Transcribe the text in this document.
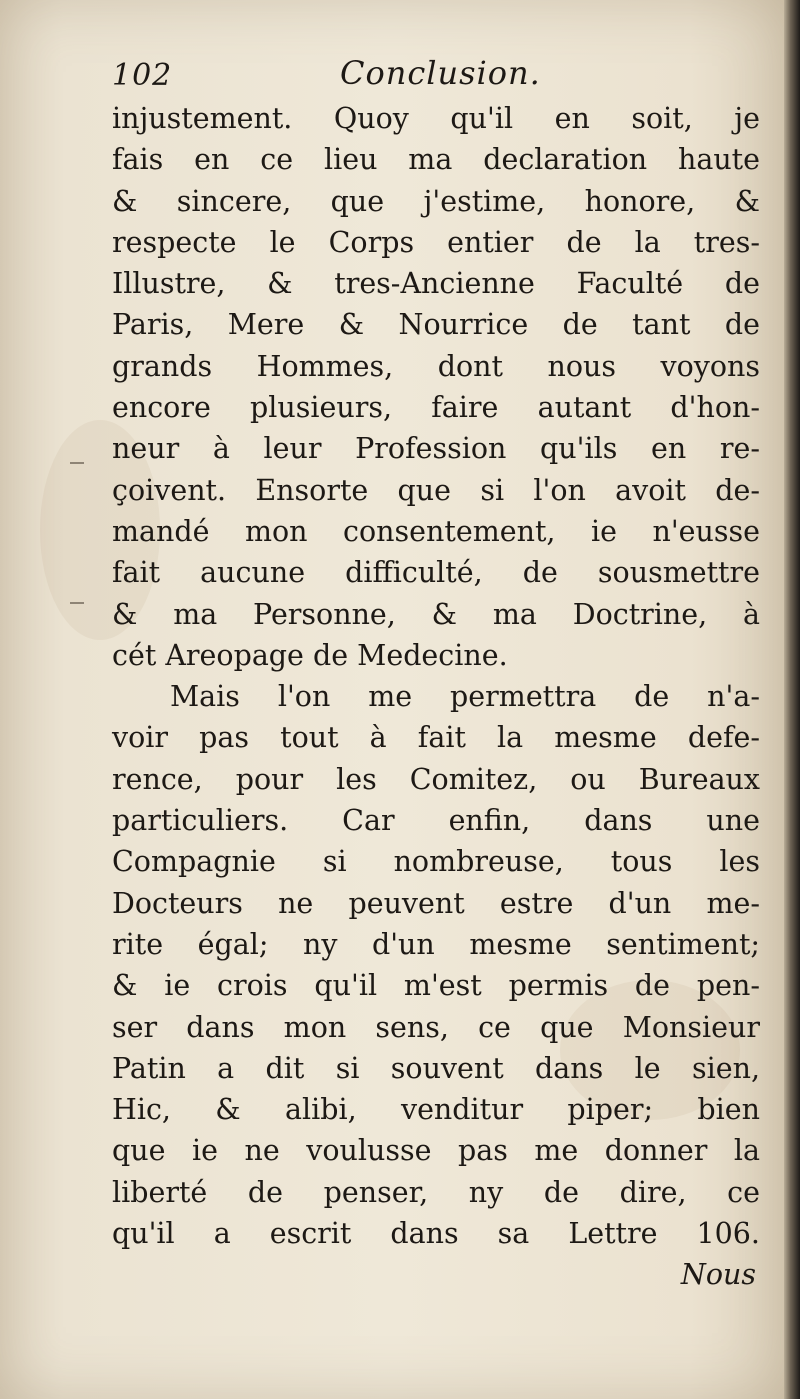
102	Conclusion.
injustement. Quoy qu'il en soit, je
fais en ce lieu ma declaration haute
& sincere, que j'estime, honore, &
respecte le Corps entier de la tres-
Illustre, & tres-Ancienne Faculté de
Paris, Mere & Nourrice de tant de
grands Hommes, dont nous voyons
encore plusieurs, faire autant d'hon-
neur à leur Profession qu'ils en re-
çoivent. Ensorte que si l'on avoit de-
mandé mon consentement, ie n'eusse
fait aucune difficulté, de sousmettre
& ma Personne, & ma Doctrine, à
cét Areopage de Medecine.
Mais l'on me permettra de n'a-
voir pas tout à fait la mesme defe-
rence, pour les Comitez, ou Bureaux
particuliers. Car enfin, dans une
Compagnie si nombreuse, tous les
Docteurs ne peuvent estre d'un me-
rite égal; ny d'un mesme sentiment;
& ie crois qu'il m'est permis de pen-
ser dans mon sens, ce que Monsieur
Patin a dit si souvent dans le sien,
Hic, & alibi, venditur piper; bien
que ie ne voulusse pas me donner la
liberté de penser, ny de dire, ce
qu'il a escrit dans sa Lettre 106.
Nous
